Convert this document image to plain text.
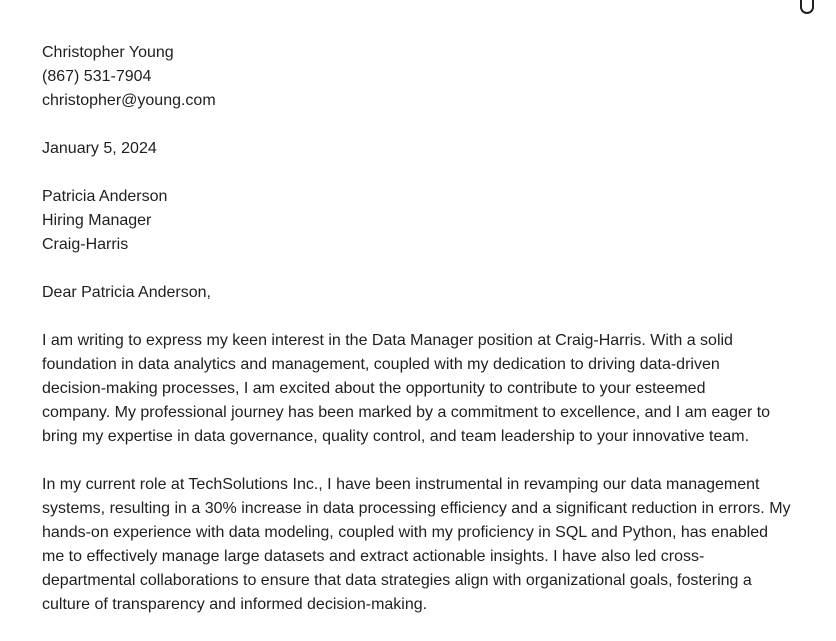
Christopher Young
(867) 531-7904
christopher@young.com
January 5, 2024
Patricia Anderson
Hiring Manager
Craig-Harris
Dear Patricia Anderson,
I am writing to express my keen interest in the Data Manager position at Craig-Harris. With a solid
foundation in data analytics and management, coupled with my dedication to driving data-driven
decision-making processes, I am excited about the opportunity to contribute to your esteemed
company. My professional journey has been marked by a commitment to excellence, and I am eager to
bring my expertise in data governance, quality control, and team leadership to your innovative team.
In my current role at TechSolutions Inc., I have been instrumental in revamping our data management
systems, resulting in a 30% increase in data processing efficiency and a significant reduction in errors. My
hands-on experience with data modeling, coupled with my proficiency in SQL and Python, has enabled
me to effectively manage large datasets and extract actionable insights. I have also led cross-
departmental collaborations to ensure that data strategies align with organizational goals, fostering a
culture of transparency and informed decision-making.
